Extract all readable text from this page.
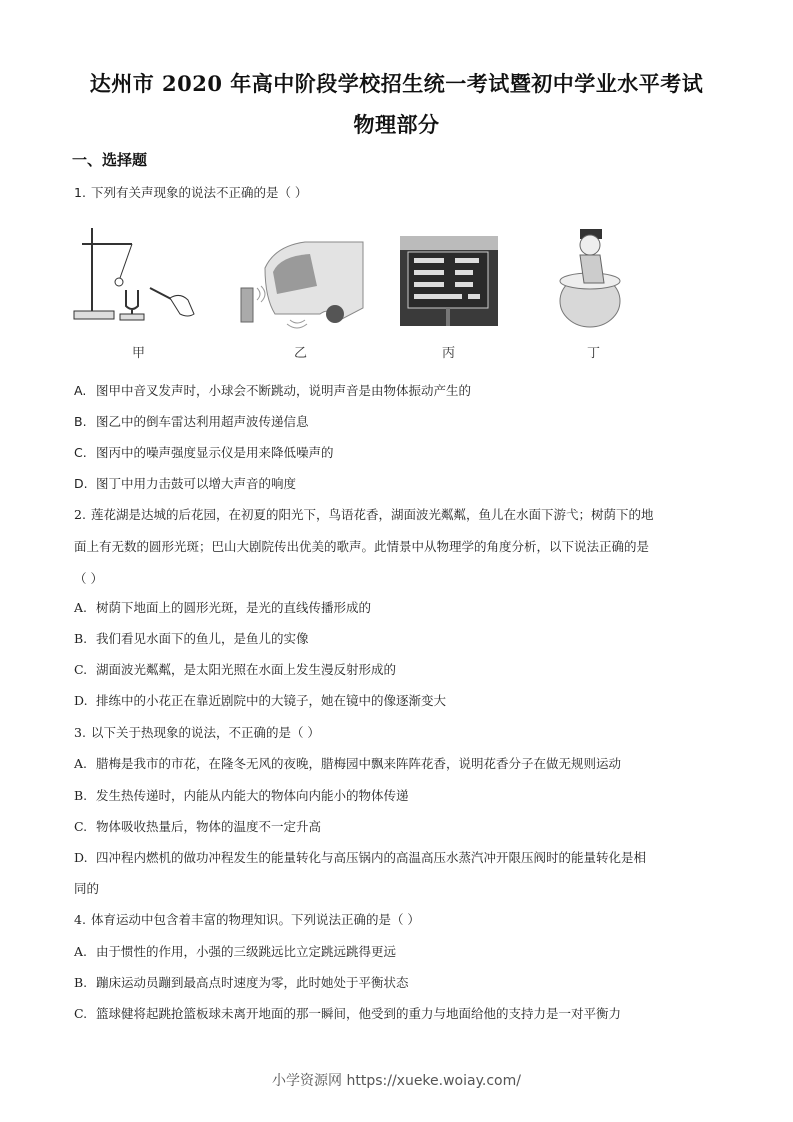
达州市 2020 年高中阶段学校招生统一考试暨初中学业水平考试
物理部分
一、选择题
1. 下列有关声现象的说法不正确的是（ ）
甲	乙	丙	丁
A. 图甲中音叉发声时，小球会不断跳动，说明声音是由物体振动产生的
B. 图乙中的倒车雷达利用超声波传递信息
C. 图丙中的噪声强度显示仪是用来降低噪声的
D. 图丁中用力击鼓可以增大声音的响度
2. 莲花湖是达城的后花园，在初夏的阳光下，鸟语花香，湖面波光粼粼，鱼儿在水面下游弋；树荫下的地
面上有无数的圆形光斑；巴山大剧院传出优美的歌声。此情景中从物理学的角度分析，以下说法正确的是
（ ）
A. 树荫下地面上的圆形光斑，是光的直线传播形成的
B. 我们看见水面下的鱼儿，是鱼儿的实像
C. 湖面波光粼粼，是太阳光照在水面上发生漫反射形成的
D. 排练中的小花正在靠近剧院中的大镜子，她在镜中的像逐渐变大
3. 以下关于热现象的说法，不正确的是（ ）
A. 腊梅是我市的市花，在隆冬无风的夜晚，腊梅园中飘来阵阵花香，说明花香分子在做无规则运动
B. 发生热传递时，内能从内能大的物体向内能小的物体传递
C. 物体吸收热量后，物体的温度不一定升高
D. 四冲程内燃机的做功冲程发生的能量转化与高压锅内的高温高压水蒸汽冲开限压阀时的能量转化是相
同的
4. 体育运动中包含着丰富的物理知识。下列说法正确的是（ ）
A. 由于惯性的作用，小强的三级跳远比立定跳远跳得更远
B. 蹦床运动员蹦到最高点时速度为零，此时她处于平衡状态
C. 篮球健将起跳抢篮板球未离开地面的那一瞬间，他受到的重力与地面给他的支持力是一对平衡力
小学资源网 https://xueke.woiay.com/
